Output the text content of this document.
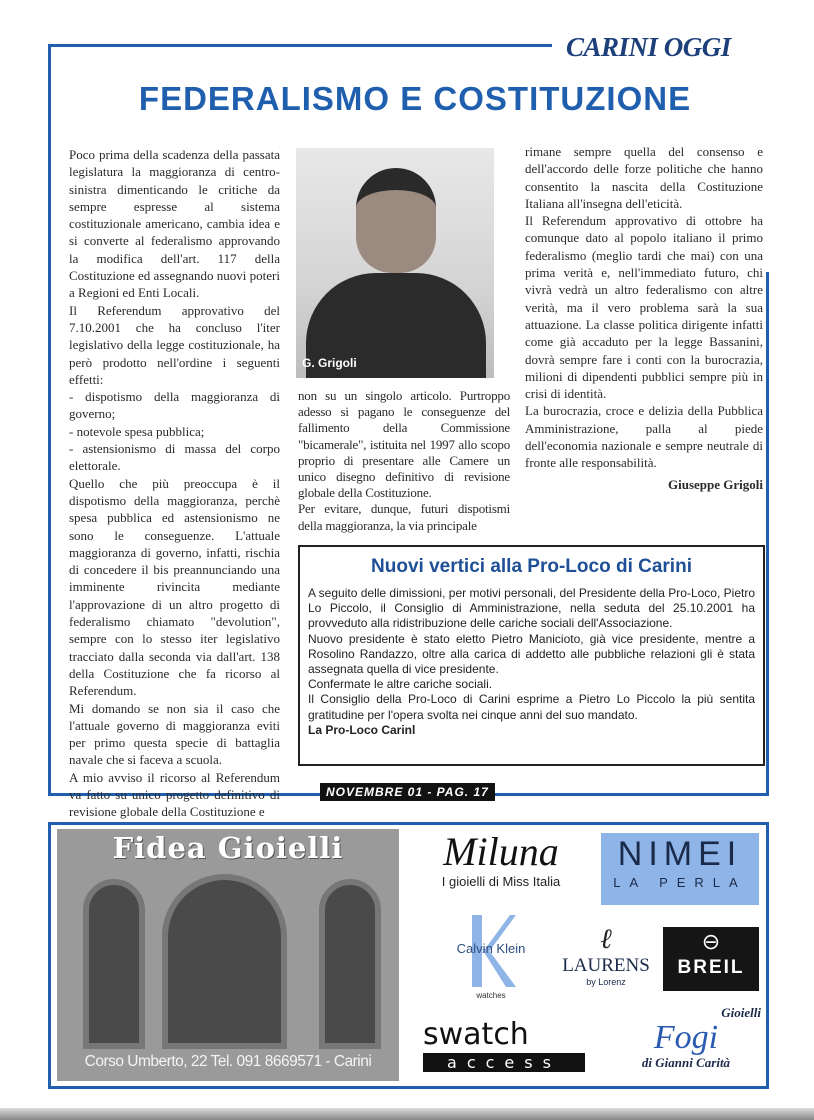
CARINI OGGI
FEDERALISMO E COSTITUZIONE

Poco prima della scadenza della passata legislatura la maggioranza di centro-sinistra dimenticando le critiche da sempre espresse al sistema costituzionale americano, cambia idea e si converte al federalismo approvando la modifica dell'art. 117 della Costituzione ed assegnando nuovi poteri a Regioni ed Enti Locali.

Il Referendum approvativo del 7.10.2001 che ha concluso l'iter legislativo della legge costituzionale, ha però prodotto nell'ordine i seguenti effetti:

- dispotismo della maggioranza di governo;

- notevole spesa pubblica;

- astensionismo di massa del corpo elettorale.

Quello che più preoccupa è il dispotismo della maggioranza, perchè spesa pubblica ed astensionismo ne sono le conseguenze. L'attuale maggioranza di governo, infatti, rischia di concedere il bis preannunciando una imminente rivincita mediante l'approvazione di un altro progetto di federalismo chiamato "devolution", sempre con lo stesso iter legislativo tracciato dalla seconda via dall'art. 138 della Costituzione che fa ricorso al Referendum.

Mi domando se non sia il caso che l'attuale governo di maggioranza eviti per primo questa specie di battaglia navale che si faceva a scuola.

A mio avviso il ricorso al Referendum va fatto su unico progetto definitivo di revisione globale della Costituzione e

G. Grigoli

non su un singolo articolo. Purtroppo adesso si pagano le conseguenze del fallimento della Commissione "bicamerale", istituita nel 1997 allo scopo proprio di presentare alle Camere un unico disegno definitivo di revisione globale della Costituzione.

Per evitare, dunque, futuri dispotismi della maggioranza, la via principale

rimane sempre quella del consenso e dell'accordo delle forze politiche che hanno consentito la nascita della Costituzione Italiana all'insegna dell'eticità.

Il Referendum approvativo di ottobre ha comunque dato al popolo italiano il primo federalismo (meglio tardi che mai) con una prima verità e, nell'immediato futuro, chi vivrà vedrà un altro federalismo con altre verità, ma il vero problema sarà la sua attuazione. La classe politica dirigente infatti come già accaduto per la legge Bassanini, dovrà sempre fare i conti con la burocrazia, milioni di dipendenti pubblici sempre più in crisi di identità.

La burocrazia, croce e delizia della Pubblica Amministrazione, palla al piede dell'economia nazionale e sempre neutrale di fronte alle responsabilità.

Giuseppe Grigoli

Nuovi vertici alla Pro-Loco di Carini

A seguito delle dimissioni, per motivi personali, del Presidente della Pro-Loco, Pietro Lo Piccolo, il Consiglio di Amministrazione, nella seduta del 25.10.2001 ha provveduto alla ridistribuzione delle cariche sociali dell'Associazione.

Nuovo presidente è stato eletto Pietro Manicioto, già vice presidente, mentre a Rosolino Randazzo, oltre alla carica di addetto alle pubbliche relazioni gli è stata assegnata quella di vice presidente.

Confermate le altre cariche sociali.

Il Consiglio della Pro-Loco di Carini esprime a Pietro Lo Piccolo la più sentita gratitudine per l'opera svolta nei cinque anni del suo mandato.

La Pro-Loco Carinl

NOVEMBRE 01 - PAG. 17
Fidea Gioielli
Corso Umberto, 22 Tel. 091 8669571 - Carini
Miluna
I gioielli di Miss Italia
NIMEI
LA PERLA
Calvin Klein
watches
ℓ
LAURENS
by Lorenz
⊖
BREIL
swatch
access
Gioielli
Fogi
di Gianni Carità
